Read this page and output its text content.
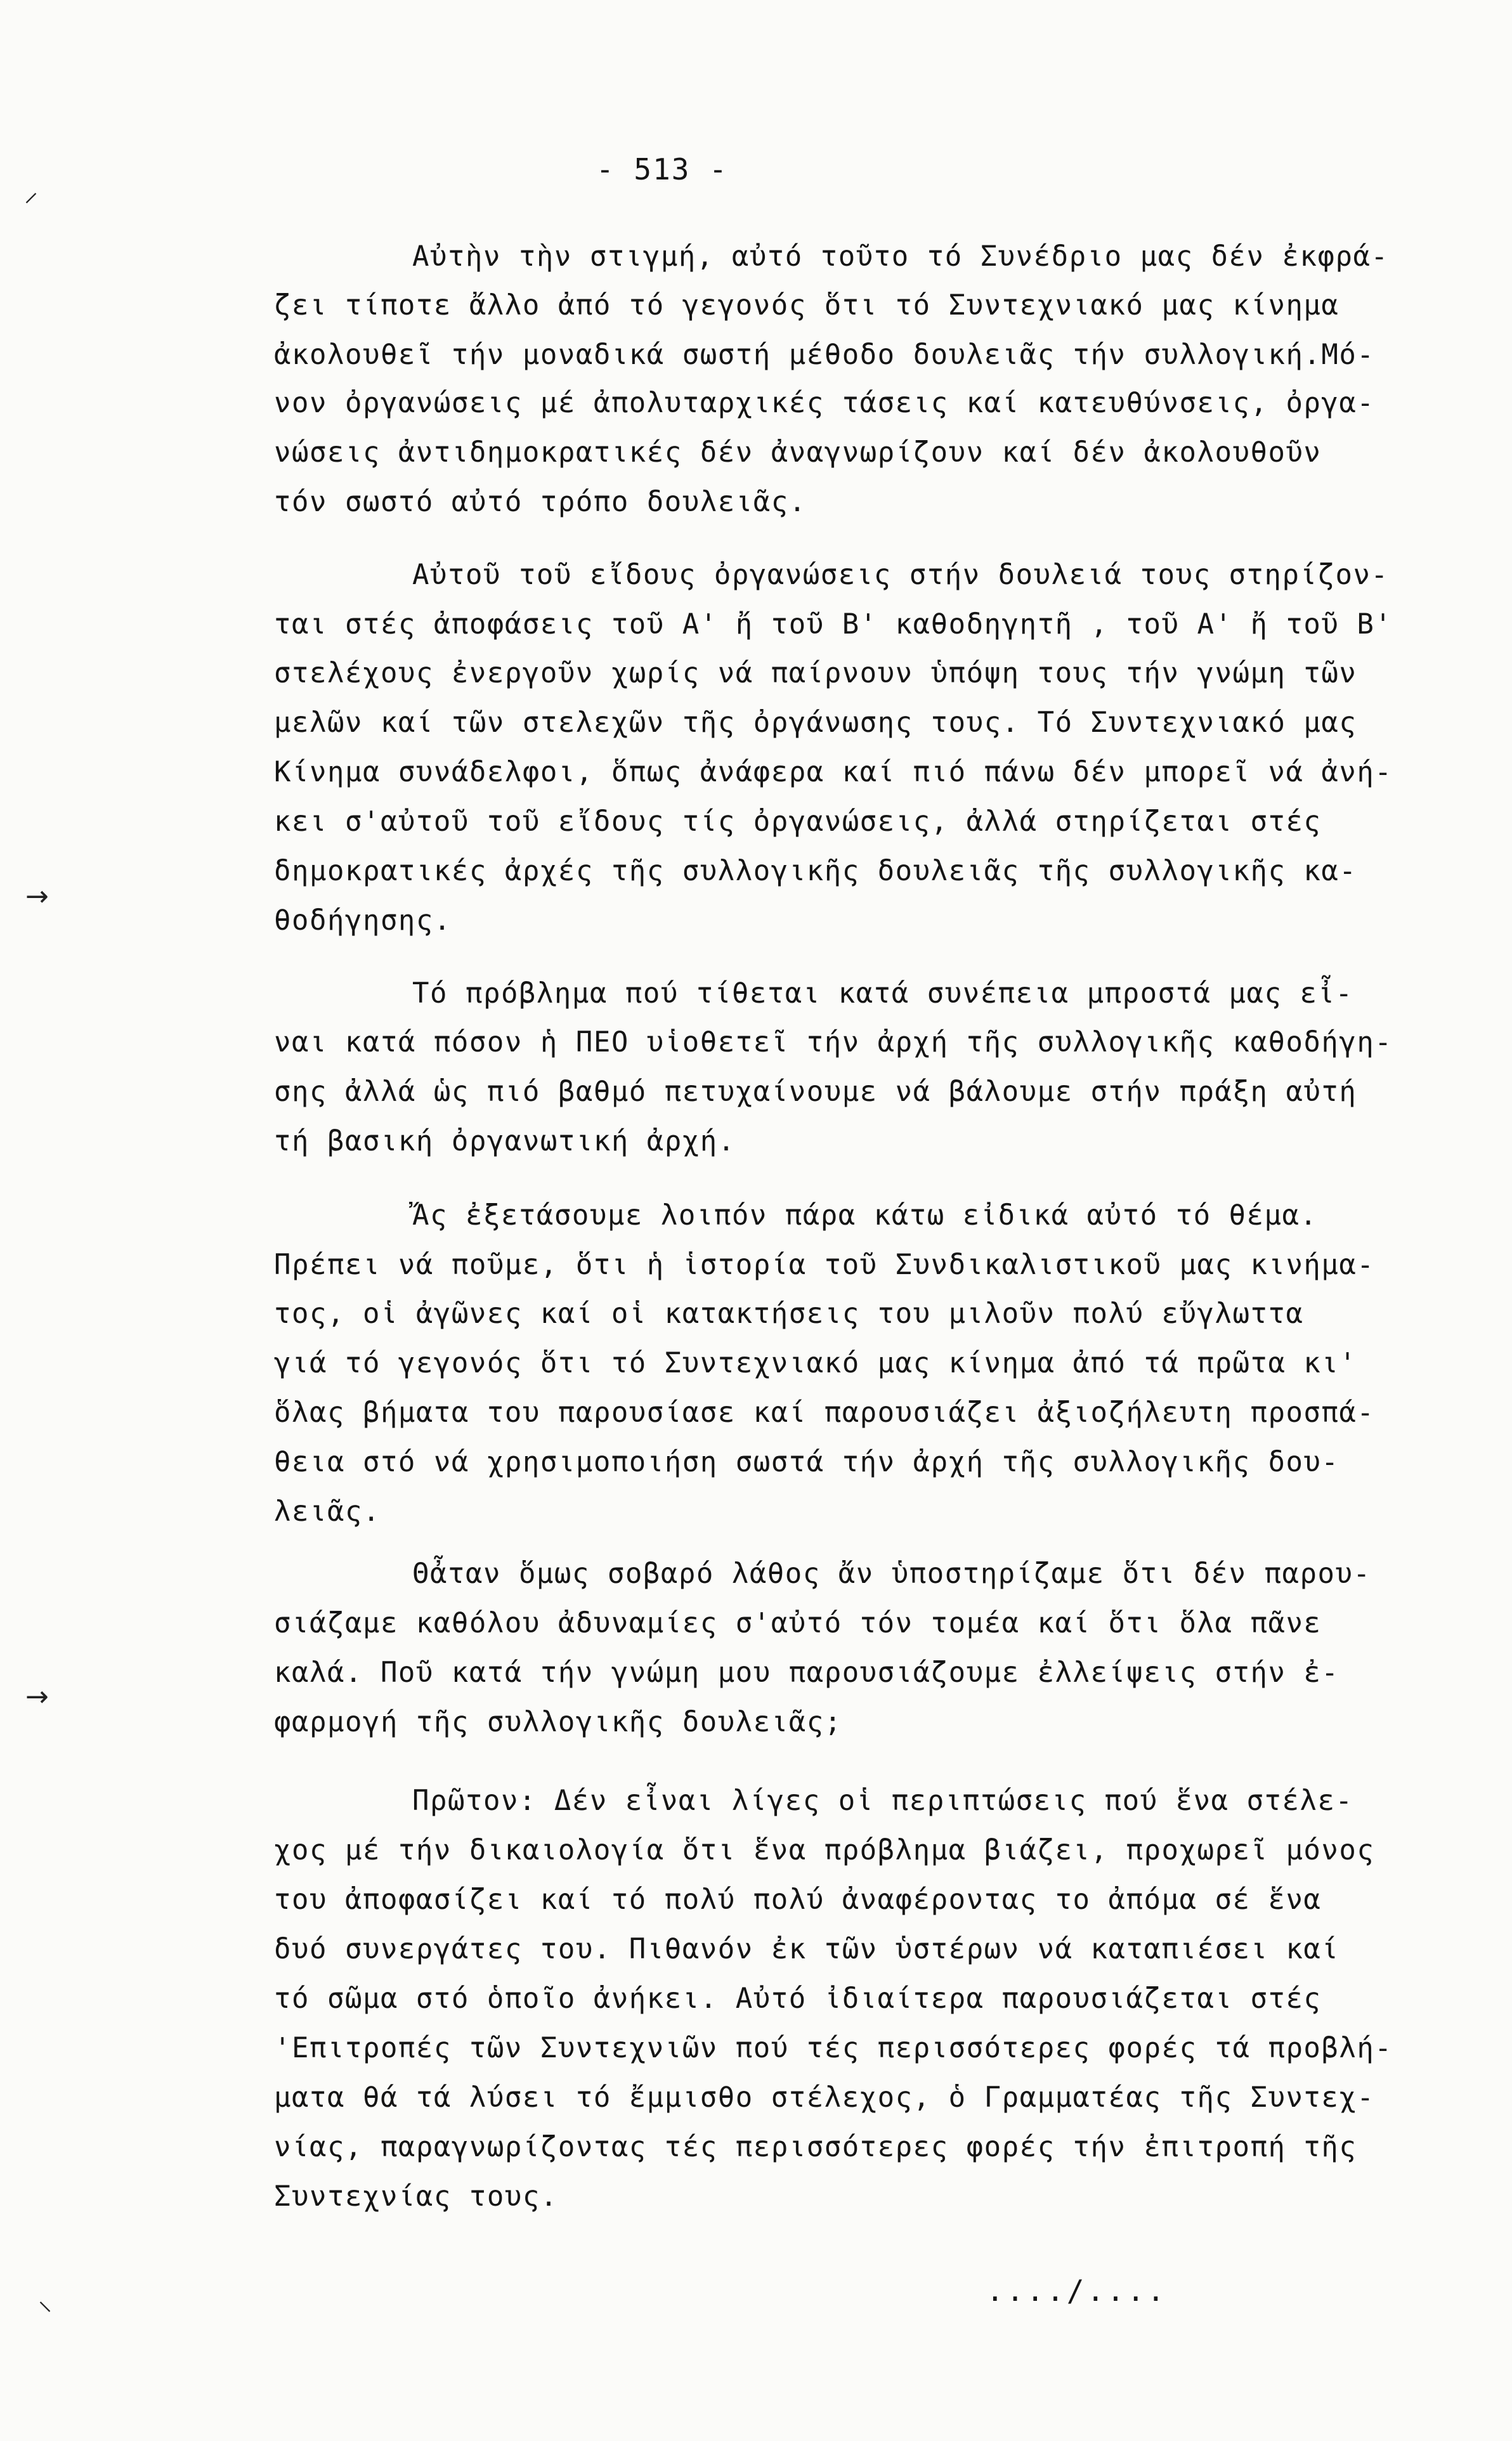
- 513 -
Αὐτὴν τὴν στιγμή, αὐτό τοῦτο τό Συνέδριο μας δέν ἐκφρά-
ζει τίποτε ἄλλο ἀπό τό γεγονός ὅτι τό Συντεχνιακό μας κίνημα
ἀκολουθεῖ τήν μοναδικά σωστή μέθοδο δουλειᾶς τήν συλλογική.Μό-
νον ὀργανώσεις μέ ἀπολυταρχικές τάσεις καί κατευθύνσεις, ὀργα-
νώσεις ἀντιδημοκρατικές δέν ἀναγνωρίζουν καί δέν ἀκολουθοῦν
τόν σωστό αὐτό τρόπο δουλειᾶς.
Αὐτοῦ τοῦ εἴδους ὀργανώσεις στήν δουλειά τους στηρίζον-
ται στές ἀποφάσεις τοῦ Α' ἤ τοῦ Β' καθοδηγητῆ , τοῦ Α' ἤ τοῦ Β'
στελέχους ἐνεργοῦν χωρίς νά παίρνουν ὑπόψη τους τήν γνώμη τῶν
μελῶν καί τῶν στελεχῶν τῆς ὀργάνωσης τους. Τό Συντεχνιακό μας
Κίνημα συνάδελφοι, ὅπως ἀνάφερα καί πιό πάνω δέν μπορεῖ νά ἀνή-
κει σ'αὐτοῦ τοῦ εἴδους τίς ὀργανώσεις, ἀλλά στηρίζεται στές
δημοκρατικές ἀρχές τῆς συλλογικῆς δουλειᾶς τῆς συλλογικῆς κα-
θοδήγησης.
Τό πρόβλημα πού τίθεται κατά συνέπεια μπροστά μας εἶ-
ναι κατά πόσον ἡ ΠΕΟ υἱοθετεῖ τήν ἀρχή τῆς συλλογικῆς καθοδήγη-
σης ἀλλά ὡς πιό βαθμό πετυχαίνουμε νά βάλουμε στήν πράξη αὐτή
τή βασική ὀργανωτική ἀρχή.
Ἄς ἐξετάσουμε λοιπόν πάρα κάτω εἰδικά αὐτό τό θέμα.
Πρέπει νά ποῦμε, ὅτι ἡ ἱστορία τοῦ Συνδικαλιστικοῦ μας κινήμα-
τος, οἱ ἀγῶνες καί οἱ κατακτήσεις του μιλοῦν πολύ εὔγλωττα
γιά τό γεγονός ὅτι τό Συντεχνιακό μας κίνημα ἀπό τά πρῶτα κι'
ὅλας βήματα του παρουσίασε καί παρουσιάζει ἀξιοζήλευτη προσπά-
θεια στό νά χρησιμοποιήση σωστά τήν ἀρχή τῆς συλλογικῆς δου-
λειᾶς.
Θἆταν ὅμως σοβαρό λάθος ἄν ὑποστηρίζαμε ὅτι δέν παρου-
σιάζαμε καθόλου ἀδυναμίες σ'αὐτό τόν τομέα καί ὅτι ὅλα πᾶνε
καλά. Ποῦ κατά τήν γνώμη μου παρουσιάζουμε ἐλλείψεις στήν ἐ-
φαρμογή τῆς συλλογικῆς δουλειᾶς;
Πρῶτον: Δέν εἶναι λίγες οἱ περιπτώσεις πού ἕνα στέλε-
χος μέ τήν δικαιολογία ὅτι ἕνα πρόβλημα βιάζει, προχωρεῖ μόνος
του ἀποφασίζει καί τό πολύ πολύ ἀναφέροντας το ἀπόμα σέ ἕνα
δυό συνεργάτες του. Πιθανόν ἐκ τῶν ὑστέρων νά καταπιέσει καί
τό σῶμα στό ὁποῖο ἀνήκει. Αὐτό ἰδιαίτερα παρουσιάζεται στές
'Επιτροπές τῶν Συντεχνιῶν πού τές περισσότερες φορές τά προβλή-
ματα θά τά λύσει τό ἔμμισθο στέλεχος, ὁ Γραμματέας τῆς Συντεχ-
νίας, παραγνωρίζοντας τές περισσότερες φορές τήν ἐπιτροπή τῆς
Συντεχνίας τους.
⸝
→
→
⸜	..../....
